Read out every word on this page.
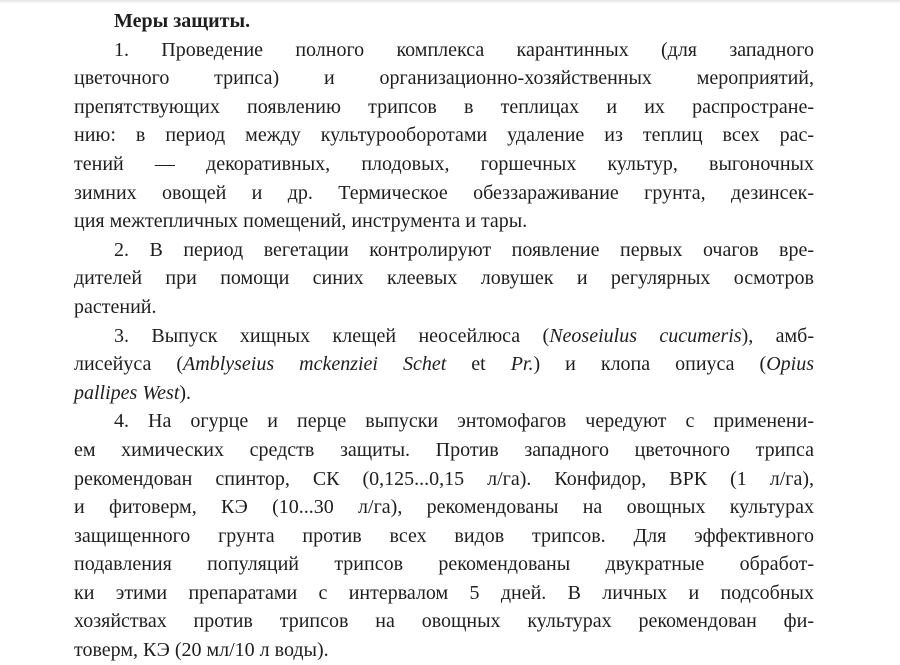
Меры защиты.
1. Проведение полного комплекса карантинных (для западного
цветочного трипса) и организационно-хозяйственных мероприятий,
препятствующих появлению трипсов в теплицах и их распростране-
нию: в период между культурооборотами удаление из теплиц всех рас-
тений — декоративных, плодовых, горшечных культур, выгоночных
зимних овощей и др. Термическое обеззараживание грунта, дезинсек-
ция межтепличных помещений, инструмента и тары.
2. В период вегетации контролируют появление первых очагов вре-
дителей при помощи синих клеевых ловушек и регулярных осмотров
растений.
3. Выпуск хищных клещей неосейлюса (Neoseiulus cucumeris), амб-
лисейуса (Amblyseius mckenziei Schet et Pr.) и клопа опиуса (Opius
pallipes West).
4. На огурце и перце выпуски энтомофагов чередуют с применени-
ем химических средств защиты. Против западного цветочного трипса
рекомендован спинтор, СК (0,125...0,15 л/га). Конфидор, ВРК (1 л/га),
и фитоверм, КЭ (10...30 л/га), рекомендованы на овощных культурах
защищенного грунта против всех видов трипсов. Для эффективного
подавления популяций трипсов рекомендованы двукратные обработ-
ки этими препаратами с интервалом 5 дней. В личных и подсобных
хозяйствах против трипсов на овощных культурах рекомендован фи-
товерм, КЭ (20 мл/10 л воды).
